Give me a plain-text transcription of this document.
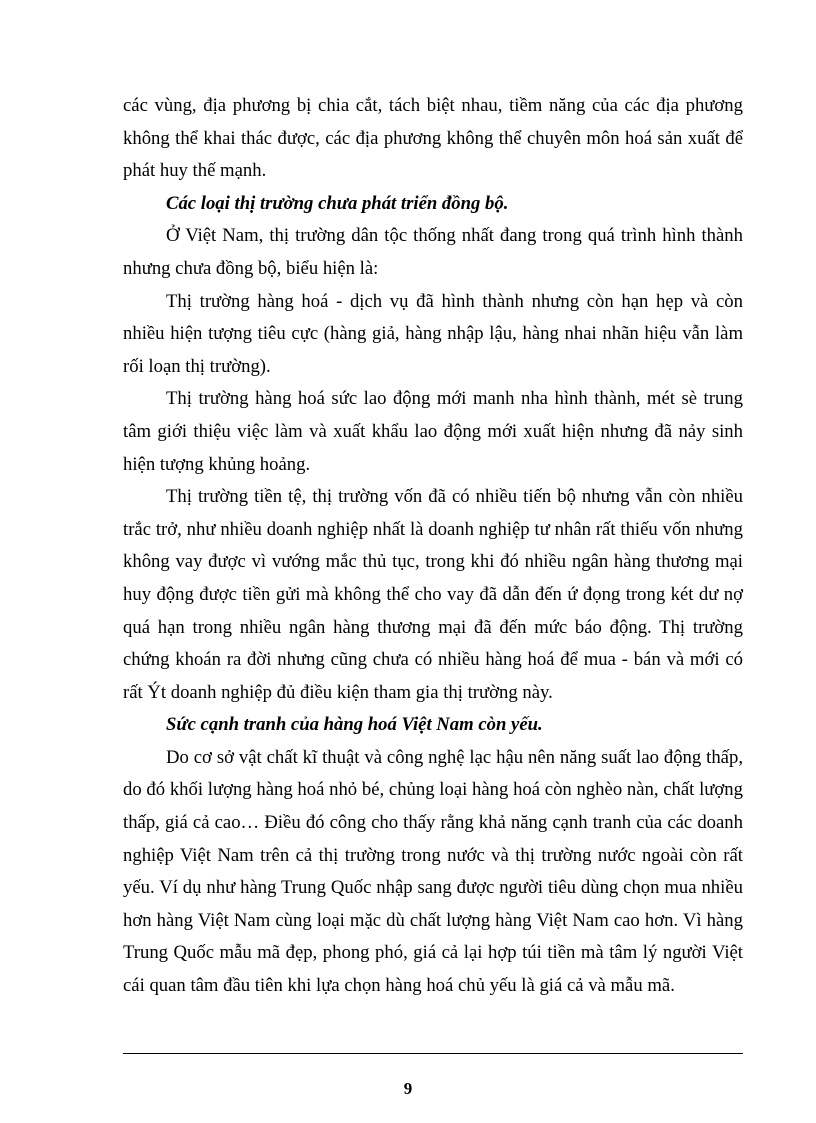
các vùng, địa phương bị chia cắt, tách biệt nhau, tiềm năng của các địa phương không thể khai thác được, các địa phương không thể chuyên môn hoá sản xuất để phát huy thế mạnh.

Các loại thị trường chưa phát triển đồng bộ.

Ở Việt Nam, thị trường dân tộc thống nhất đang trong quá trình hình thành nhưng chưa đồng bộ, biểu hiện là:

Thị trường hàng hoá - dịch vụ đã hình thành nhưng còn hạn hẹp và còn nhiều hiện tượng tiêu cực (hàng giả, hàng nhập lậu, hàng nhai nhãn hiệu vẫn làm rối loạn thị trường).

Thị trường hàng hoá sức lao động mới manh nha hình thành, mét sè trung tâm giới thiệu việc làm và xuất khẩu lao động mới xuất hiện nhưng đã nảy sinh hiện tượng khủng hoảng.

Thị trường tiền tệ, thị trường vốn đã có nhiều tiến bộ nhưng vẫn còn nhiều trắc trở, như nhiều doanh nghiệp nhất là doanh nghiệp tư nhân rất thiếu vốn nhưng không vay được vì vướng mắc thủ tục, trong khi đó nhiều ngân hàng thương mại huy động được tiền gửi mà không thể cho vay đã dẫn đến ứ đọng trong két dư nợ quá hạn trong nhiều ngân hàng thương mại đã đến mức báo động. Thị trường chứng khoán ra đời nhưng cũng chưa có nhiều hàng hoá để mua - bán và mới có rất Ýt doanh nghiệp đủ điều kiện tham gia thị trường này.

Sức cạnh tranh của hàng hoá Việt Nam còn yếu.

Do cơ sở vật chất kĩ thuật và công nghệ lạc hậu nên năng suất lao động thấp, do đó khối lượng hàng hoá nhỏ bé, chủng loại hàng hoá còn nghèo nàn, chất lượng thấp, giá cả cao… Điều đó công cho thấy rằng khả năng cạnh tranh của các doanh nghiệp Việt Nam trên cả thị trường trong nước và thị trường nước ngoài còn rất yếu. Ví dụ như hàng Trung Quốc nhập sang được người tiêu dùng chọn mua nhiều hơn hàng Việt Nam cùng loại mặc dù chất lượng hàng Việt Nam cao hơn. Vì hàng Trung Quốc mẫu mã đẹp, phong phó, giá cả lại hợp túi tiền mà tâm lý người Việt cái quan tâm đầu tiên khi lựa chọn hàng hoá chủ yếu là giá cả và mẫu mã.

9
